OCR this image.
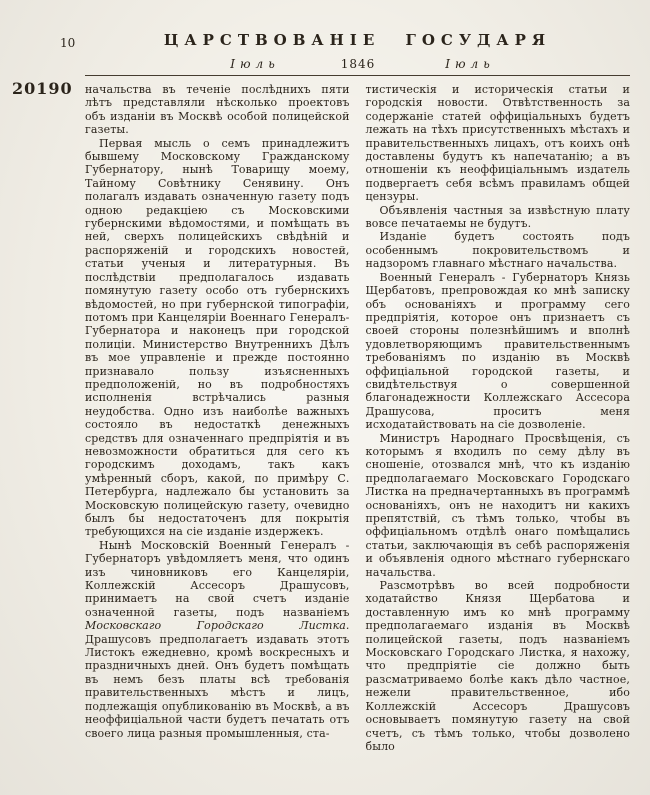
10	ЦАРСТВОВАНІЕ ГОСУДАРЯ
Іюль	1846	Іюль
20190 начальства въ теченіе послѣднихъ пяти лѣтъ представляли нѣсколько проектовъ объ изданіи въ Москвѣ особой полицейской газеты.

Первая мысль о семъ принадлежитъ бывшему Московскому Гражданскому Губернатору, нынѣ Товарищу моему, Тайному Совѣтнику Сенявину. Онъ полагалъ издавать означенную газету подъ одною редакціею съ Московскими губернскими вѣдомостями, и помѣщать въ ней, сверхъ полицейскихъ свѣдѣній и распоряженій и городскихъ новостей, статьи ученыя и литературныя. Въ послѣдствіи предполагалось издавать помянутую газету особо отъ губернскихъ вѣдомостей, но при губернской типографіи, потомъ при Канцеляріи Военнаго Генералъ-Губернатора и наконецъ при городской полиціи. Министерство Внутреннихъ Дѣлъ въ мое управленіе и прежде постоянно признавало пользу изъясненныхъ предположеній, но въ подробностяхъ исполненія встрѣчались разныя неудобства. Одно изъ наиболѣе важныхъ состояло въ недостаткѣ денежныхъ средствъ для означеннаго предпріятія и въ невозможности обратиться для сего къ городскимъ доходамъ, такъ какъ умѣренный сборъ, какой, по примѣру С. Петербурга, надлежало бы установить за Московскую полицейскую газету, очевидно былъ бы недостаточенъ для покрытія требующихся на сіе изданіе издержекъ.

Нынѣ Московскій Военный Генералъ - Губернаторъ увѣдомляетъ меня, что одинъ изъ чиновниковъ его Канцеляріи, Коллежскій Ассесоръ Драшусовъ, принимаетъ на свой счетъ изданіе означенной газеты, подъ названіемъ Московскаго Городскаго Листка. Драшусовъ предполагаетъ издавать этотъ Листокъ ежедневно, кромѣ воскресныхъ и праздничныхъ дней. Онъ будетъ помѣщать въ немъ безъ платы всѣ требованія правительственныхъ мѣстъ и лицъ, подлежащія опубликованію въ Москвѣ, а въ неоффиціальной части будетъ печатать отъ своего лица разныя промышленныя, ста-

тистическія и историческія статьи и городскія новости. Отвѣтственность за содержаніе статей оффиціальныхъ будетъ лежать на тѣхъ присутственныхъ мѣстахъ и правительственныхъ лицахъ, отъ коихъ онѣ доставлены будутъ къ напечатанію; а въ отношеніи къ неоффиціальнымъ издатель подвергаетъ себя всѣмъ правиламъ общей цензуры.

Объявленія частныя за извѣстную плату вовсе печатаемы не будутъ.

Изданіе будетъ состоять подъ особеннымъ покровительствомъ и надзоромъ главнаго мѣстнаго начальства.

Военный Генералъ - Губернаторъ Князь Щербатовъ, препровождая ко мнѣ записку объ основаніяхъ и программу сего предпріятія, которое онъ признаетъ съ своей стороны полезнѣйшимъ и вполнѣ удовлетворяющимъ правительственнымъ требованіямъ по изданію въ Москвѣ оффиціальной городской газеты, и свидѣтельствуя о совершенной благонадежности Коллежскаго Ассесора Драшусова, проситъ меня исходатайствовать на сіе дозволеніе.

Министръ Народнаго Просвѣщенія, съ которымъ я входилъ по сему дѣлу въ сношеніе, отозвался мнѣ, что къ изданію предполагаемаго Московскаго Городскаго Листка на предначертанныхъ въ программѣ основаніяхъ, онъ не находитъ ни какихъ препятствій, съ тѣмъ только, чтобы въ оффиціальномъ отдѣлѣ онаго помѣщались статьи, заключающія въ себѣ распоряженія и объявленія одного мѣстнаго губернскаго начальства.

Разсмотрѣвъ во всей подробности ходатайство Князя Щербатова и доставленную имъ ко мнѣ программу предполагаемаго изданія въ Москвѣ полицейской газеты, подъ названіемъ Московскаго Городскаго Листка, я нахожу, что предпріятіе сіе должно быть разсматриваемо болѣе какъ дѣло частное, нежели правительственное, ибо Коллежскій Ассесоръ Драшусовъ основываетъ помянутую газету на свой счетъ, съ тѣмъ только, чтобы дозволено было
